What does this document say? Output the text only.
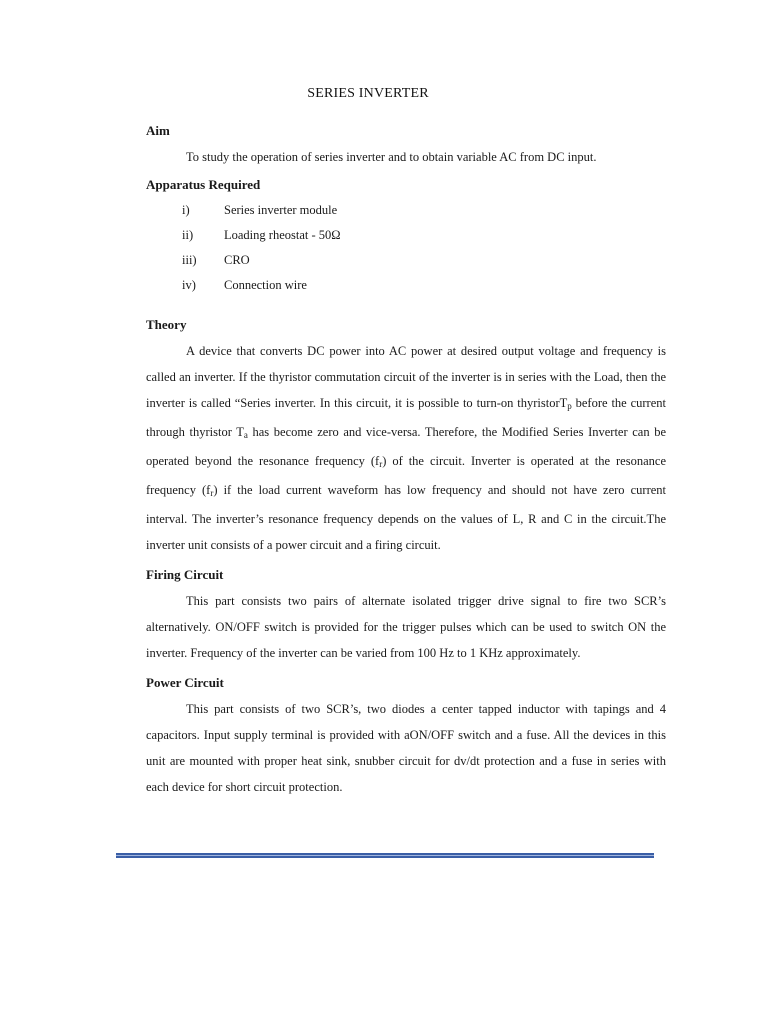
SERIES INVERTER

Aim

To study the operation of series inverter and to obtain variable AC from DC input.

Apparatus Required

i)	Series inverter module
ii)	Loading rheostat - 50Ω
iii)	CRO
iv)	Connection wire

Theory

A device that converts DC power into AC power at desired output voltage and frequency is called an inverter. If the thyristor commutation circuit of the inverter is in series with the Load, then the inverter is called “Series inverter. In this circuit, it is possible to turn-on thyristorT$_p$ before the current through thyristor $T_a$ has become zero and vice-versa. Therefore, the Modified Series Inverter can be operated beyond the resonance frequency $(f_r)$ of the circuit. Inverter is operated at the resonance frequency $(f_r)$ if the load current waveform has low frequency and should not have zero current interval. The inverter’s resonance frequency depends on the values of L, R and C in the circuit.The inverter unit consists of a power circuit and a firing circuit.

Firing Circuit

This part consists two pairs of alternate isolated trigger drive signal to fire two SCR’s alternatively. ON/OFF switch is provided for the trigger pulses which can be used to switch ON the inverter. Frequency of the inverter can be varied from 100 Hz to 1 KHz approximately.

Power Circuit

This part consists of two SCR’s, two diodes a center tapped inductor with tapings and 4 capacitors. Input supply terminal is provided with aON/OFF switch and a fuse. All the devices in this unit are mounted with proper heat sink, snubber circuit for dv/dt protection and a fuse in series with each device for short circuit protection.
